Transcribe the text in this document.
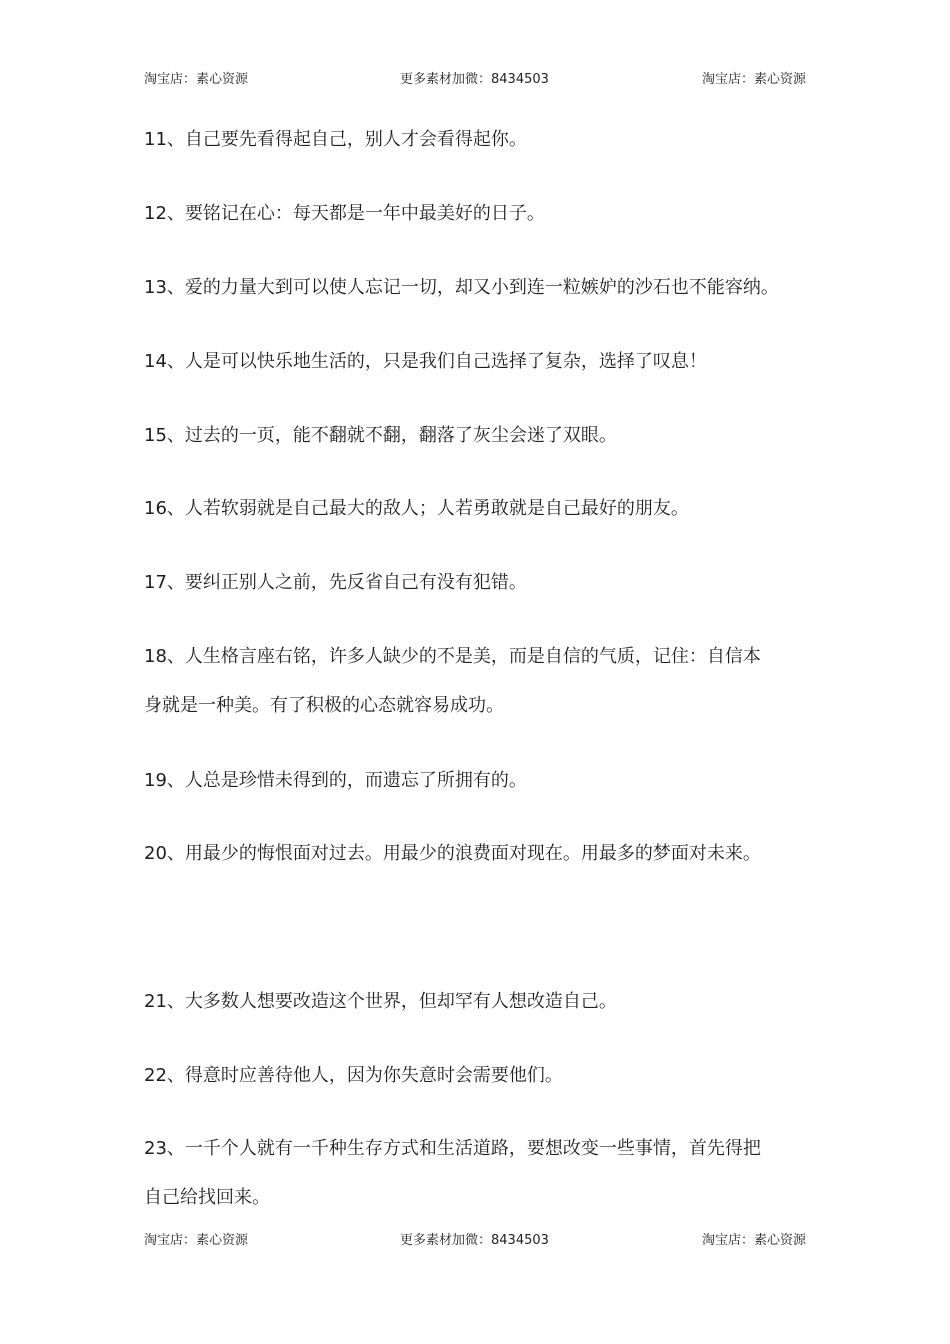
淘宝店：素心资源	更多素材加微：8434503	淘宝店：素心资源
11、自己要先看得起自己，别人才会看得起你。
12、要铭记在心：每天都是一年中最美好的日子。
13、爱的力量大到可以使人忘记一切，却又小到连一粒嫉妒的沙石也不能容纳。
14、人是可以快乐地生活的，只是我们自己选择了复杂，选择了叹息！
15、过去的一页，能不翻就不翻，翻落了灰尘会迷了双眼。
16、人若软弱就是自己最大的敌人；人若勇敢就是自己最好的朋友。
17、要纠正别人之前，先反省自己有没有犯错。
18、人生格言座右铭，许多人缺少的不是美，而是自信的气质，记住：自信本
身就是一种美。有了积极的心态就容易成功。
19、人总是珍惜未得到的，而遗忘了所拥有的。
20、用最少的悔恨面对过去。用最少的浪费面对现在。用最多的梦面对未来。
21、大多数人想要改造这个世界，但却罕有人想改造自己。
22、得意时应善待他人，因为你失意时会需要他们。
23、一千个人就有一千种生存方式和生活道路，要想改变一些事情，首先得把
自己给找回来。
淘宝店：素心资源	更多素材加微：8434503	淘宝店：素心资源
